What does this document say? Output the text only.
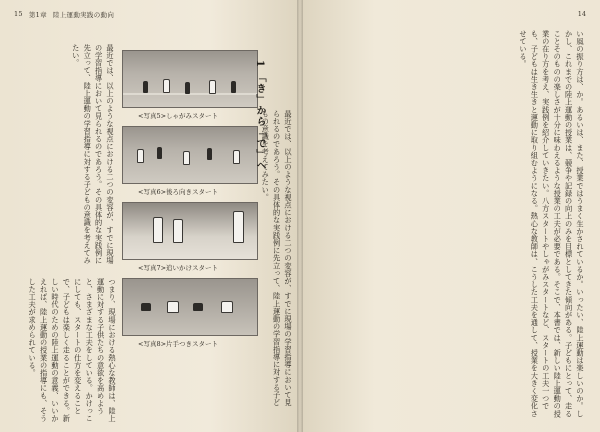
15 第1章 陸上運動実践の動向
最近では、以上のような視点における二つの変容が、すでに現場の学習指導において見られるのであろう。その具体的な実践例に先立って、陸上運動の学習指導に対する子どもの意識を考えてみたい。
<写真5>しゃがみスタート
<写真6>後ろ向きスタート
<写真7>追いかけスタート
<写真8>片手つきスタート
1 「き」から「で」へ	最近では、以上のような視点における二つの変容が、すでに現場の学習指導において見られるのであろう。その具体的な実践例に先立って、陸上運動の学習指導に対する子どもの意識を考えてみたい。
つまり、現場における熱心な教師は、陸上運動に対する子供たちの意欲を高めようと、さまざまな工夫をしている。かけっこにしても、スタートの仕方を変えることで、子どもは楽しく走ることができる。新しい時代のための陸上運動の意義、いいかえれば、陸上運動の授業の指導にも、そうした工夫が求められている。
14
い風の振り方は、か。あるいは、また、授業ではうまく生かされているか。いったい、陸上運動は楽しいのか。しかし、これまでの陸上運動の授業は、競争や記録の向上のみを目標としてきた傾向がある。子どもにとって、走ることそのものの楽しさが十分に味わえるような授業の工夫が必要である。そこで、本書では、新しい陸上運動の授業の在り方を考え、実践例を紹介していきたい。八方スタートやしゃがみスタートなど、スタートの工夫一つでも、子どもは生き生きと運動に取り組むようになる。熱心な教師は、こうした工夫を通して、授業を大きく変化させている。
